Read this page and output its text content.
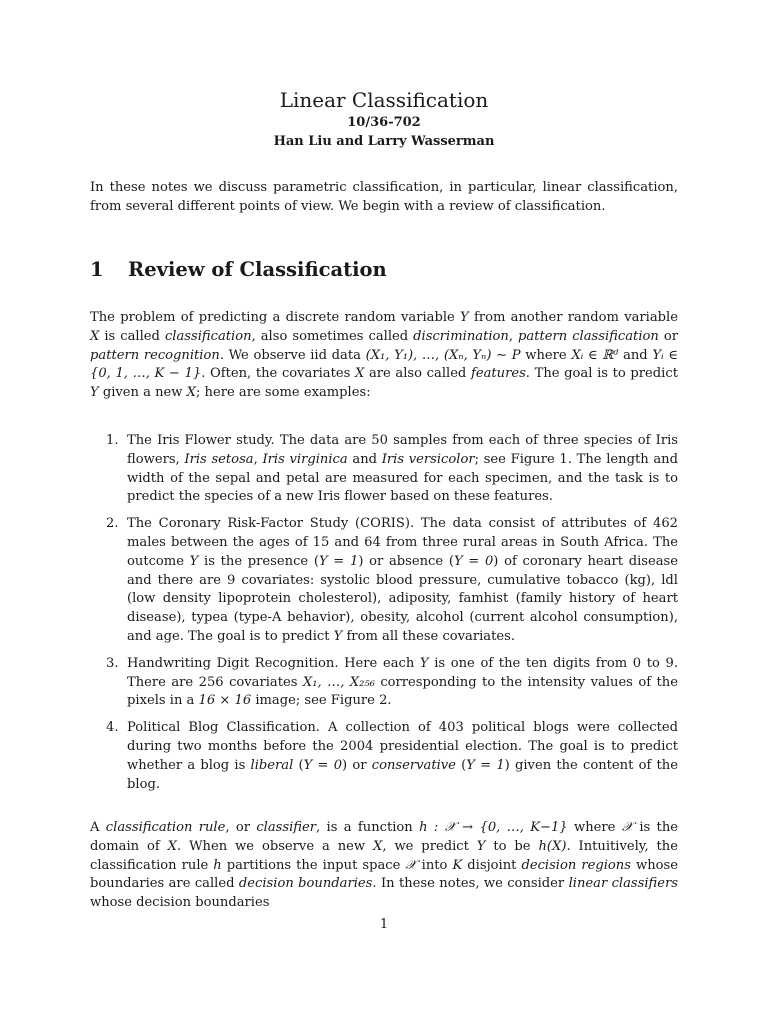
Linear Classification
10/36-702
Han Liu and Larry Wasserman
In these notes we discuss parametric classification, in particular, linear classification, from several different points of view. We begin with a review of classification.
1 Review of Classification
The problem of predicting a discrete random variable Y from another random variable X is called classification, also sometimes called discrimination, pattern classification or pattern recognition. We observe iid data (X₁, Y₁), …, (Xₙ, Yₙ) ∼ P where Xᵢ ∈ ℝᵈ and Yᵢ ∈ {0, 1, …, K − 1}. Often, the covariates X are also called features. The goal is to predict Y given a new X; here are some examples:
1. The Iris Flower study. The data are 50 samples from each of three species of Iris flowers, Iris setosa, Iris virginica and Iris versicolor; see Figure 1. The length and width of the sepal and petal are measured for each specimen, and the task is to predict the species of a new Iris flower based on these features.
2. The Coronary Risk-Factor Study (CORIS). The data consist of attributes of 462 males between the ages of 15 and 64 from three rural areas in South Africa. The outcome Y is the presence (Y = 1) or absence (Y = 0) of coronary heart disease and there are 9 covariates: systolic blood pressure, cumulative tobacco (kg), ldl (low density lipoprotein cholesterol), adiposity, famhist (family history of heart disease), typea (type-A behavior), obesity, alcohol (current alcohol consumption), and age. The goal is to predict Y from all these covariates.
3. Handwriting Digit Recognition. Here each Y is one of the ten digits from 0 to 9. There are 256 covariates X₁, …, X₂₅₆ corresponding to the intensity values of the pixels in a 16 × 16 image; see Figure 2.
4. Political Blog Classification. A collection of 403 political blogs were collected during two months before the 2004 presidential election. The goal is to predict whether a blog is liberal (Y = 0) or conservative (Y = 1) given the content of the blog.
A classification rule, or classifier, is a function h : 𝒳 → {0, …, K−1} where 𝒳 is the domain of X. When we observe a new X, we predict Y to be h(X). Intuitively, the classification rule h partitions the input space 𝒳 into K disjoint decision regions whose boundaries are called decision boundaries. In these notes, we consider linear classifiers whose decision boundaries
1
